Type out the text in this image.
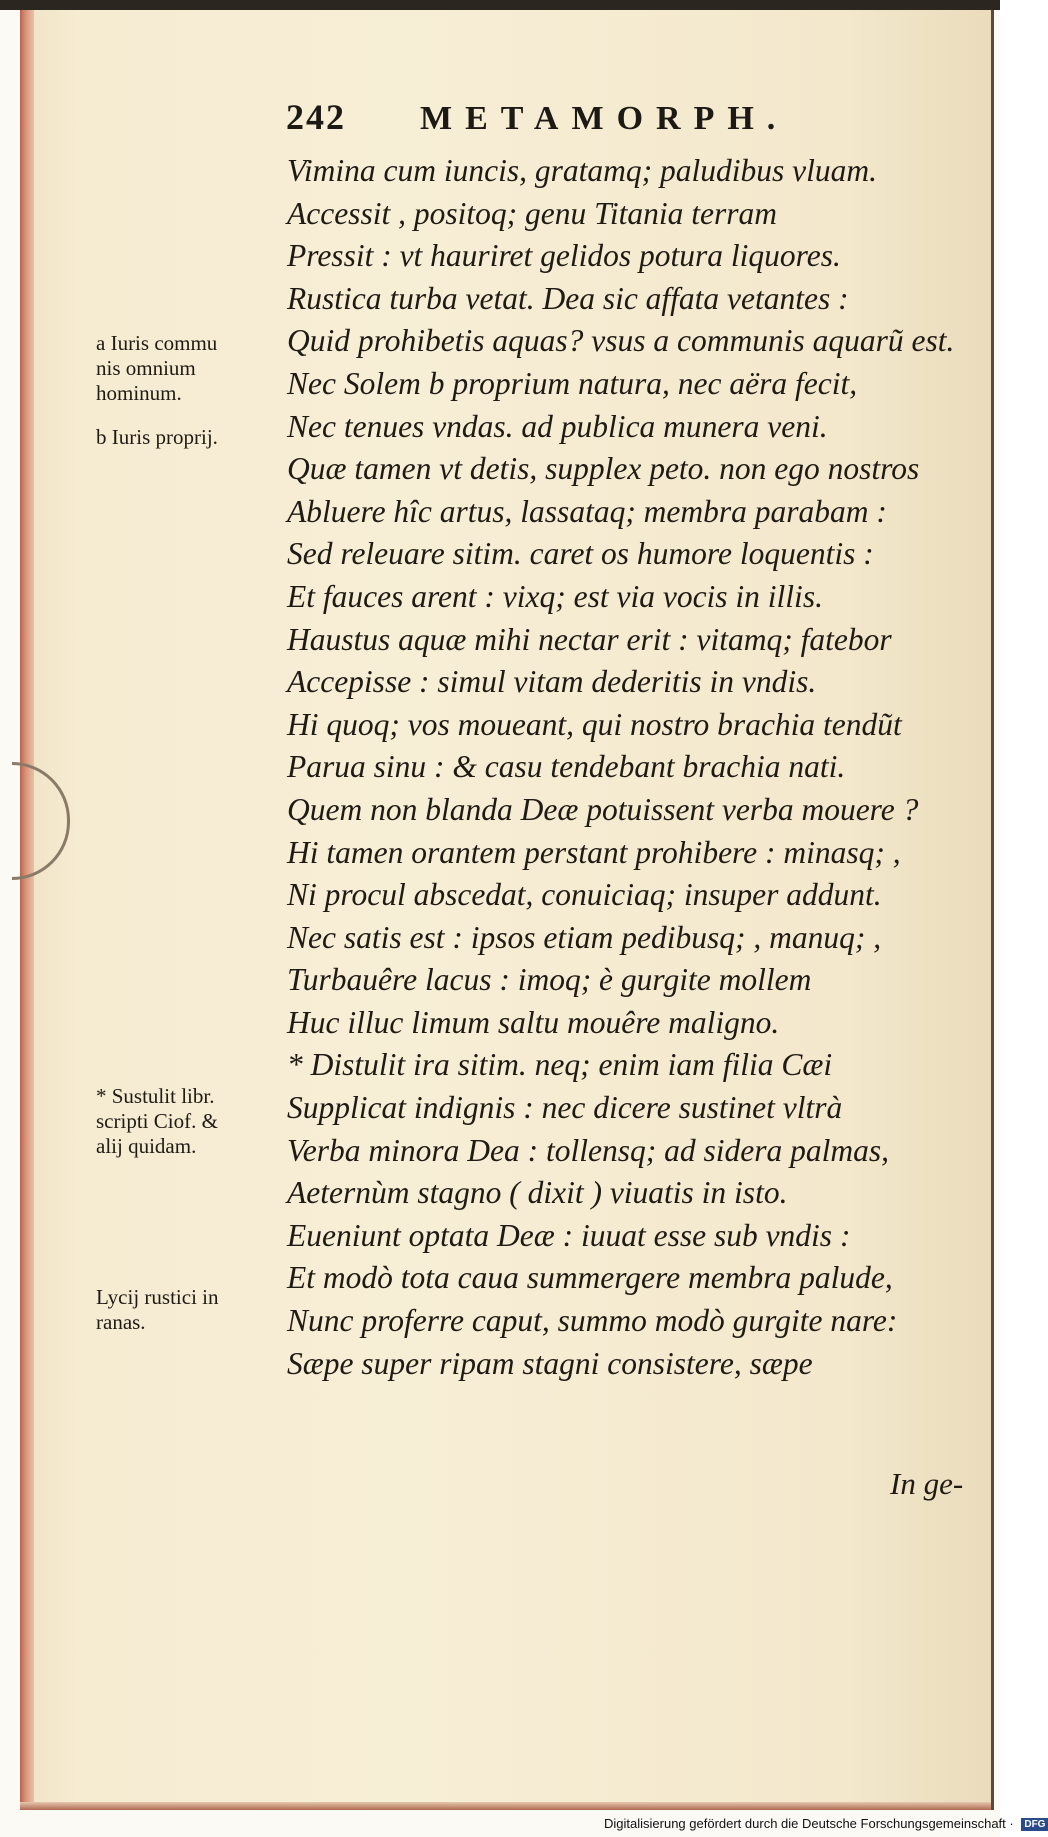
242 METAMORPH.
Vimina cum iuncis, gratamq; paludibus vluam.
Accessit , positoq; genu Titania terram
Pressit : vt hauriret gelidos potura liquores.
Rustica turba vetat. Dea sic affata vetantes :
Quid prohibetis aquas? vsus a communis aquarũ est.
Nec Solem b proprium natura, nec aëra fecit,
Nec tenues vndas. ad publica munera veni.
Quæ tamen vt detis, supplex peto. non ego nostros
Abluere hîc artus, lassataq; membra parabam :
Sed releuare sitim. caret os humore loquentis :
Et fauces arent : vixq; est via vocis in illis.
Haustus aquæ mihi nectar erit : vitamq; fatebor
Accepisse : simul vitam dederitis in vndis.
Hi quoq; vos moueant, qui nostro brachia tendũt
Parua sinu : & casu tendebant brachia nati.
Quem non blanda Deæ potuissent verba mouere ?
Hi tamen orantem perstant prohibere : minasq; ,
Ni procul abscedat, conuiciaq; insuper addunt.
Nec satis est : ipsos etiam pedibusq; , manuq; ,
Turbauêre lacus : imoq; è gurgite mollem
Huc illuc limum saltu mouêre maligno.
* Distulit ira sitim. neq; enim iam filia Cæi
Supplicat indignis : nec dicere sustinet vltrà
Verba minora Dea : tollensq; ad sidera palmas,
Aeternùm stagno ( dixit ) viuatis in isto.
Eueniunt optata Deæ : iuuat esse sub vndis :
Et modò tota caua summergere membra palude,
Nunc proferre caput, summo modò gurgite nare:
Sæpe super ripam stagni consistere, sæpe
a Iuris commu
nis omnium
hominum.
b Iuris proprij.
* Sustulit libr.
scripti Ciof. &
alij quidam.
Lycij rustici in
ranas.
In ge-
Digitalisierung gefördert durch die Deutsche Forschungsgemeinschaft · DFG
